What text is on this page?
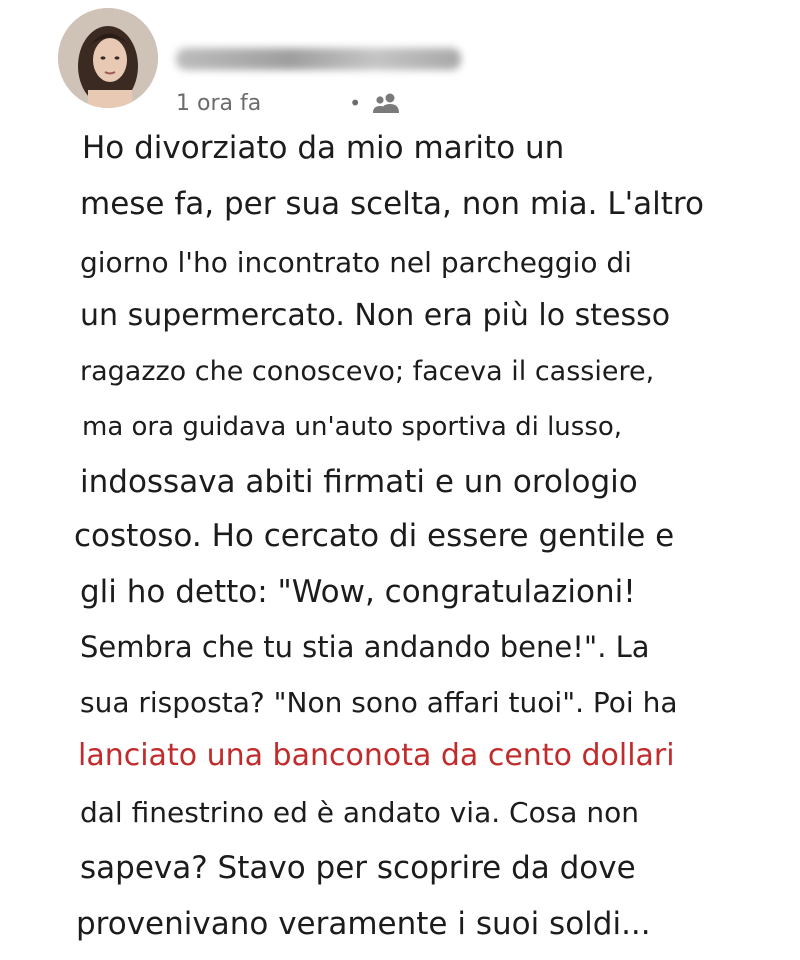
1 ora fa	•
Ho divorziato da mio marito un
mese fa, per sua scelta, non mia. L'altro
giorno l'ho incontrato nel parcheggio di
un supermercato. Non era più lo stesso
ragazzo che conoscevo; faceva il cassiere,
ma ora guidava un'auto sportiva di lusso,
indossava abiti firmati e un orologio
costoso. Ho cercato di essere gentile e
gli ho detto: "Wow, congratulazioni!
Sembra che tu stia andando bene!". La
sua risposta? "Non sono affari tuoi". Poi ha
lanciato una banconota da cento dollari
dal finestrino ed è andato via. Cosa non
sapeva? Stavo per scoprire da dove
provenivano veramente i suoi soldi...
